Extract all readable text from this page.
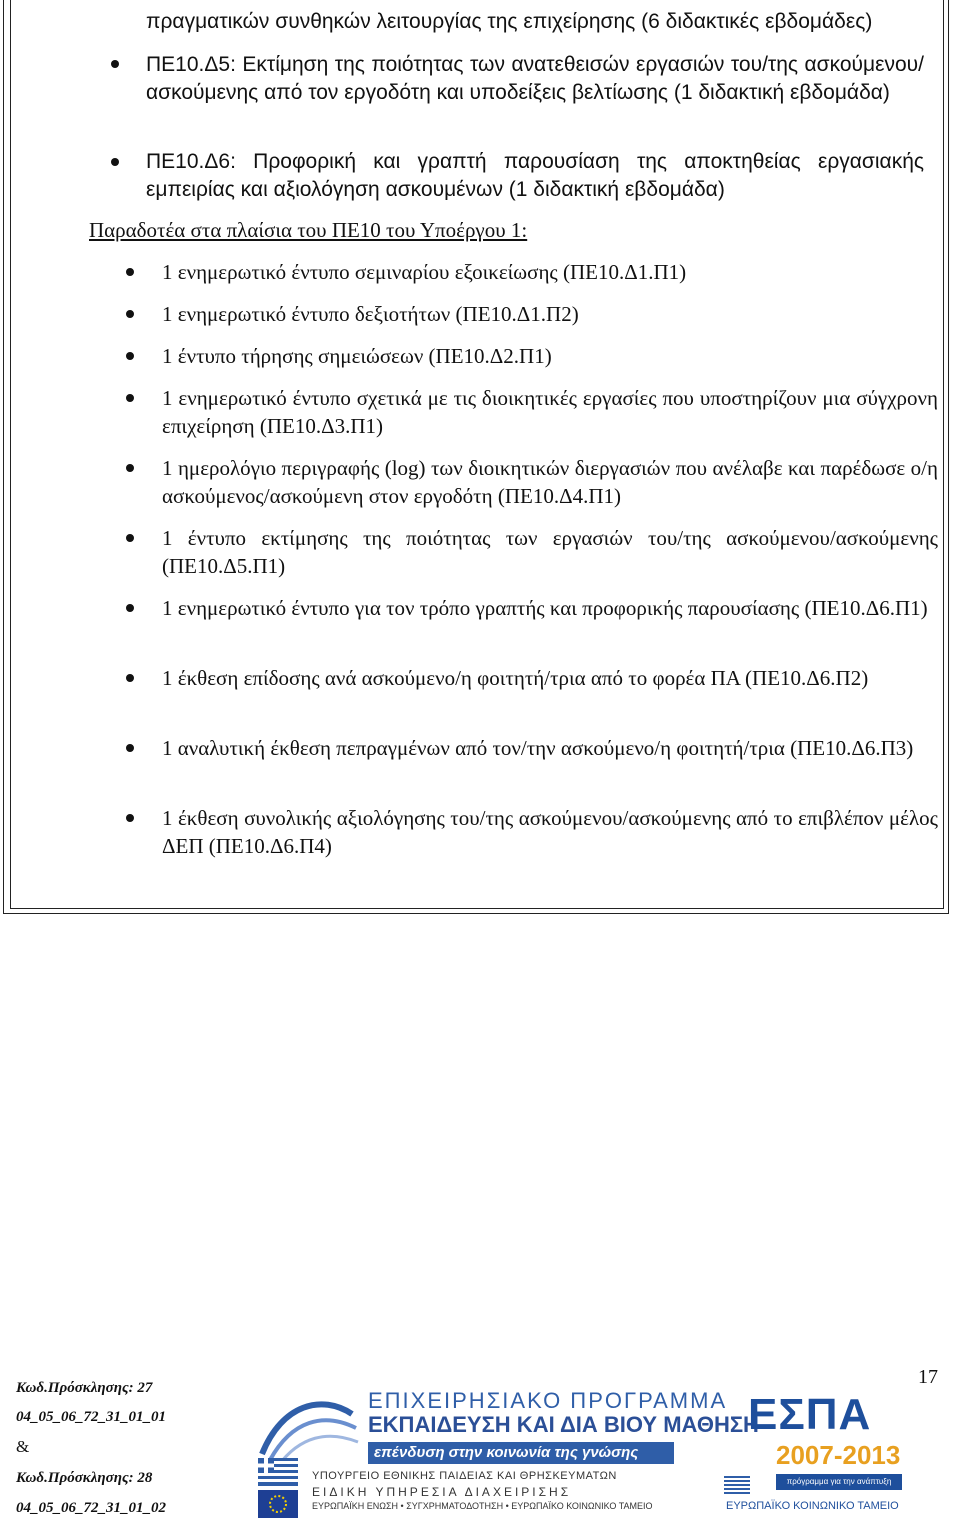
πραγματικών συνθηκών λειτουργίας της επιχείρησης (6 διδακτικές εβδομάδες)

ΠΕ10.Δ5: Εκτίμηση της ποιότητας των ανατεθεισών εργασιών του/της ασκούμενου/ασκούμενης από τον εργοδότη και υποδείξεις βελτίωσης (1 διδακτική εβδομάδα)

ΠΕ10.Δ6: Προφορική και γραπτή παρουσίαση της αποκτηθείας εργασιακής εμπειρίας και αξιολόγηση ασκουμένων (1 διδακτική εβδομάδα)

Παραδοτέα στα πλαίσια του ΠΕ10 του Υποέργου 1:

1 ενημερωτικό έντυπο σεμιναρίου εξοικείωσης (ΠΕ10.Δ1.Π1)

1 ενημερωτικό έντυπο δεξιοτήτων (ΠΕ10.Δ1.Π2)

1 έντυπο τήρησης σημειώσεων (ΠΕ10.Δ2.Π1)

1 ενημερωτικό έντυπο σχετικά με τις διοικητικές εργασίες που υποστηρίζουν μια σύγχρονη επιχείρηση (ΠΕ10.Δ3.Π1)

1 ημερολόγιο περιγραφής (log) των διοικητικών διεργασιών που ανέλαβε και παρέδωσε ο/η ασκούμενος/ασκούμενη στον εργοδότη (ΠΕ10.Δ4.Π1)

1 έντυπο εκτίμησης της ποιότητας των εργασιών του/της ασκούμενου/ασκούμενης (ΠΕ10.Δ5.Π1)

1 ενημερωτικό έντυπο για τον τρόπο γραπτής και προφορικής παρουσίασης (ΠΕ10.Δ6.Π1)

1 έκθεση επίδοσης ανά ασκούμενο/η φοιτητή/τρια από το φορέα ΠΑ (ΠΕ10.Δ6.Π2)

1 αναλυτική έκθεση πεπραγμένων από τον/την ασκούμενο/η φοιτητή/τρια (ΠΕ10.Δ6.Π3)

1 έκθεση συνολικής αξιολόγησης του/της ασκούμενου/ασκούμενης από το επιβλέπον μέλος ΔΕΠ (ΠΕ10.Δ6.Π4)

Κωδ.Πρόσκλησης: 27
04_05_06_72_31_01_01
&
Κωδ.Πρόσκλησης: 28
04_05_06_72_31_01_02
17
ΕΠΙΧΕΙΡΗΣΙΑΚΟ ΠΡΟΓΡΑΜΜΑ
ΕΚΠΑΙΔΕΥΣΗ ΚΑΙ ΔΙΑ ΒΙΟΥ ΜΑΘΗΣΗ
επένδυση στην κοινωνία της γνώσης
ΥΠΟΥΡΓΕΙΟ ΕΘΝΙΚΗΣ ΠΑΙΔΕΙΑΣ ΚΑΙ ΘΡΗΣΚΕΥΜΑΤΩΝ
ΕΙΔΙΚΗ ΥΠΗΡΕΣΙΑ ΔΙΑΧΕΙΡΙΣΗΣ
ΕΥΡΩΠΑΪΚΗ ΕΝΩΣΗ • ΣΥΓΧΡΗΜΑΤΟΔΟΤΗΣΗ • ΕΥΡΩΠΑΪΚΟ ΚΟΙΝΩΝΙΚΟ ΤΑΜΕΙΟ
ΕΣΠΑ
2007-2013
πρόγραμμα για την ανάπτυξη
ΕΥΡΩΠΑΪΚΟ ΚΟΙΝΩΝΙΚΟ ΤΑΜΕΙΟ
